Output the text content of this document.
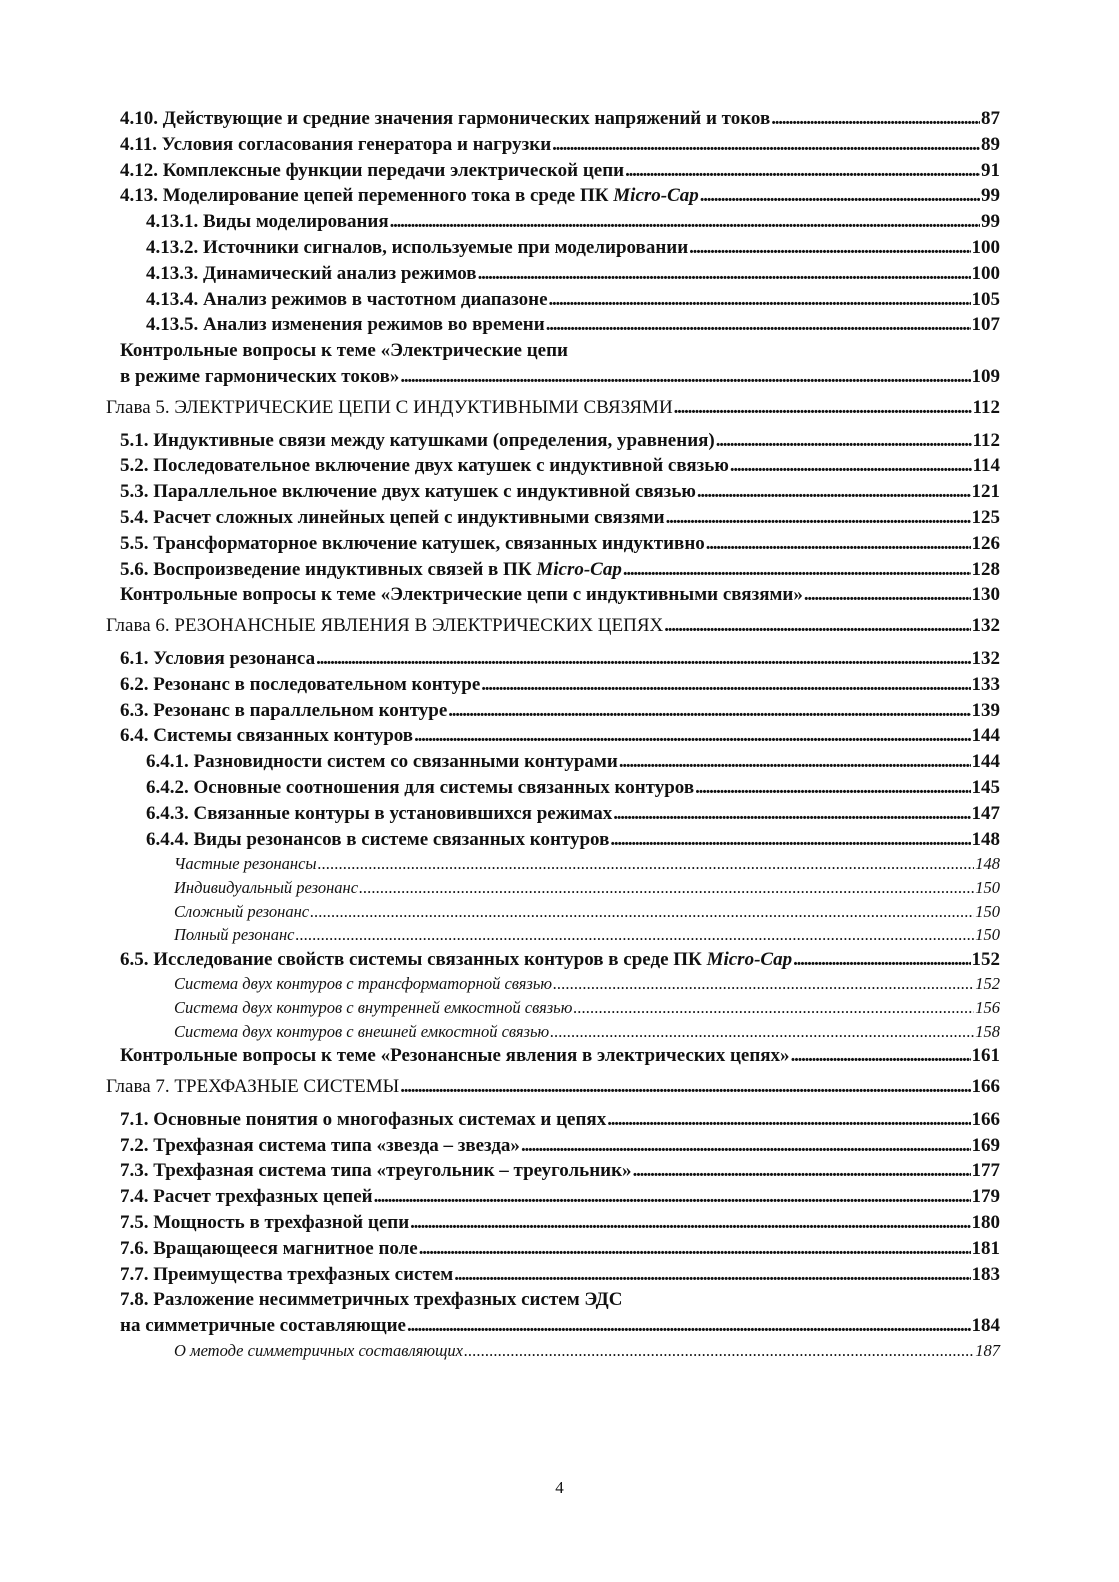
4.10. Действующие и средние значения гармонических напряжений и токов . . .	87
4.11. Условия согласования генератора и нагрузки . . .	89
4.12. Комплексные функции передачи электрической цепи . . .	91
4.13. Моделирование цепей переменного тока в среде ПК Micro-Cap . . .	99
4.13.1. Виды моделирования . . .	99
4.13.2. Источники сигналов, используемые при моделировании . . .	100
4.13.3. Динамический анализ режимов . . .	100
4.13.4. Анализ режимов в частотном диапазоне . . .	105
4.13.5. Анализ изменения режимов во времени . . .	107
Контрольные вопросы к теме «Электрические цепи
в режиме гармонических токов» . . .	109
Глава 5. ЭЛЕКТРИЧЕСКИЕ ЦЕПИ С ИНДУКТИВНЫМИ СВЯЗЯМИ . . .	112
5.1. Индуктивные связи между катушками (определения, уравнения) . . .	112
5.2. Последовательное включение двух катушек с индуктивной связью . . .	114
5.3. Параллельное включение двух катушек с индуктивной связью . . .	121
5.4. Расчет сложных линейных цепей с индуктивными связями . . .	125
5.5. Трансформаторное включение катушек, связанных индуктивно . . .	126
5.6. Воспроизведение индуктивных связей в ПК Micro-Cap . . .	128
Контрольные вопросы к теме «Электрические цепи с индуктивными связями» . . .	130
Глава 6. РЕЗОНАНСНЫЕ ЯВЛЕНИЯ В ЭЛЕКТРИЧЕСКИХ ЦЕПЯХ . . .	132
6.1. Условия резонанса . . .	132
6.2. Резонанс в последовательном контуре . . .	133
6.3. Резонанс в параллельном контуре . . .	139
6.4. Системы связанных контуров . . .	144
6.4.1. Разновидности систем со связанными контурами . . .	144
6.4.2. Основные соотношения для системы связанных контуров . . .	145
6.4.3. Связанные контуры в установившихся режимах . . .	147
6.4.4. Виды резонансов в системе связанных контуров . . .	148
Частные резонансы . . .	148
Индивидуальный резонанс . . .	150
Сложный резонанс . . .	150
Полный резонанс . . .	150
6.5. Исследование свойств системы связанных контуров в среде ПК Micro-Cap . . .	152
Система двух контуров с трансформаторной связью . . .	152
Система двух контуров с внутренней емкостной связью . . .	156
Система двух контуров с внешней емкостной связью . . .	158
Контрольные вопросы к теме «Резонансные явления в электрических цепях» . . .	161
Глава 7. ТРЕХФАЗНЫЕ СИСТЕМЫ . . .	166
7.1. Основные понятия о многофазных системах и цепях . . .	166
7.2. Трехфазная система типа «звезда – звезда» . . .	169
7.3. Трехфазная система типа «треугольник – треугольник» . . .	177
7.4. Расчет трехфазных цепей . . .	179
7.5. Мощность в трехфазной цепи . . .	180
7.6. Вращающееся магнитное поле . . .	181
7.7. Преимущества трехфазных систем . . .	183
7.8. Разложение несимметричных трехфазных систем ЭДС
на симметричные составляющие . . .	184
О методе симметричных составляющих . . .	187
4
